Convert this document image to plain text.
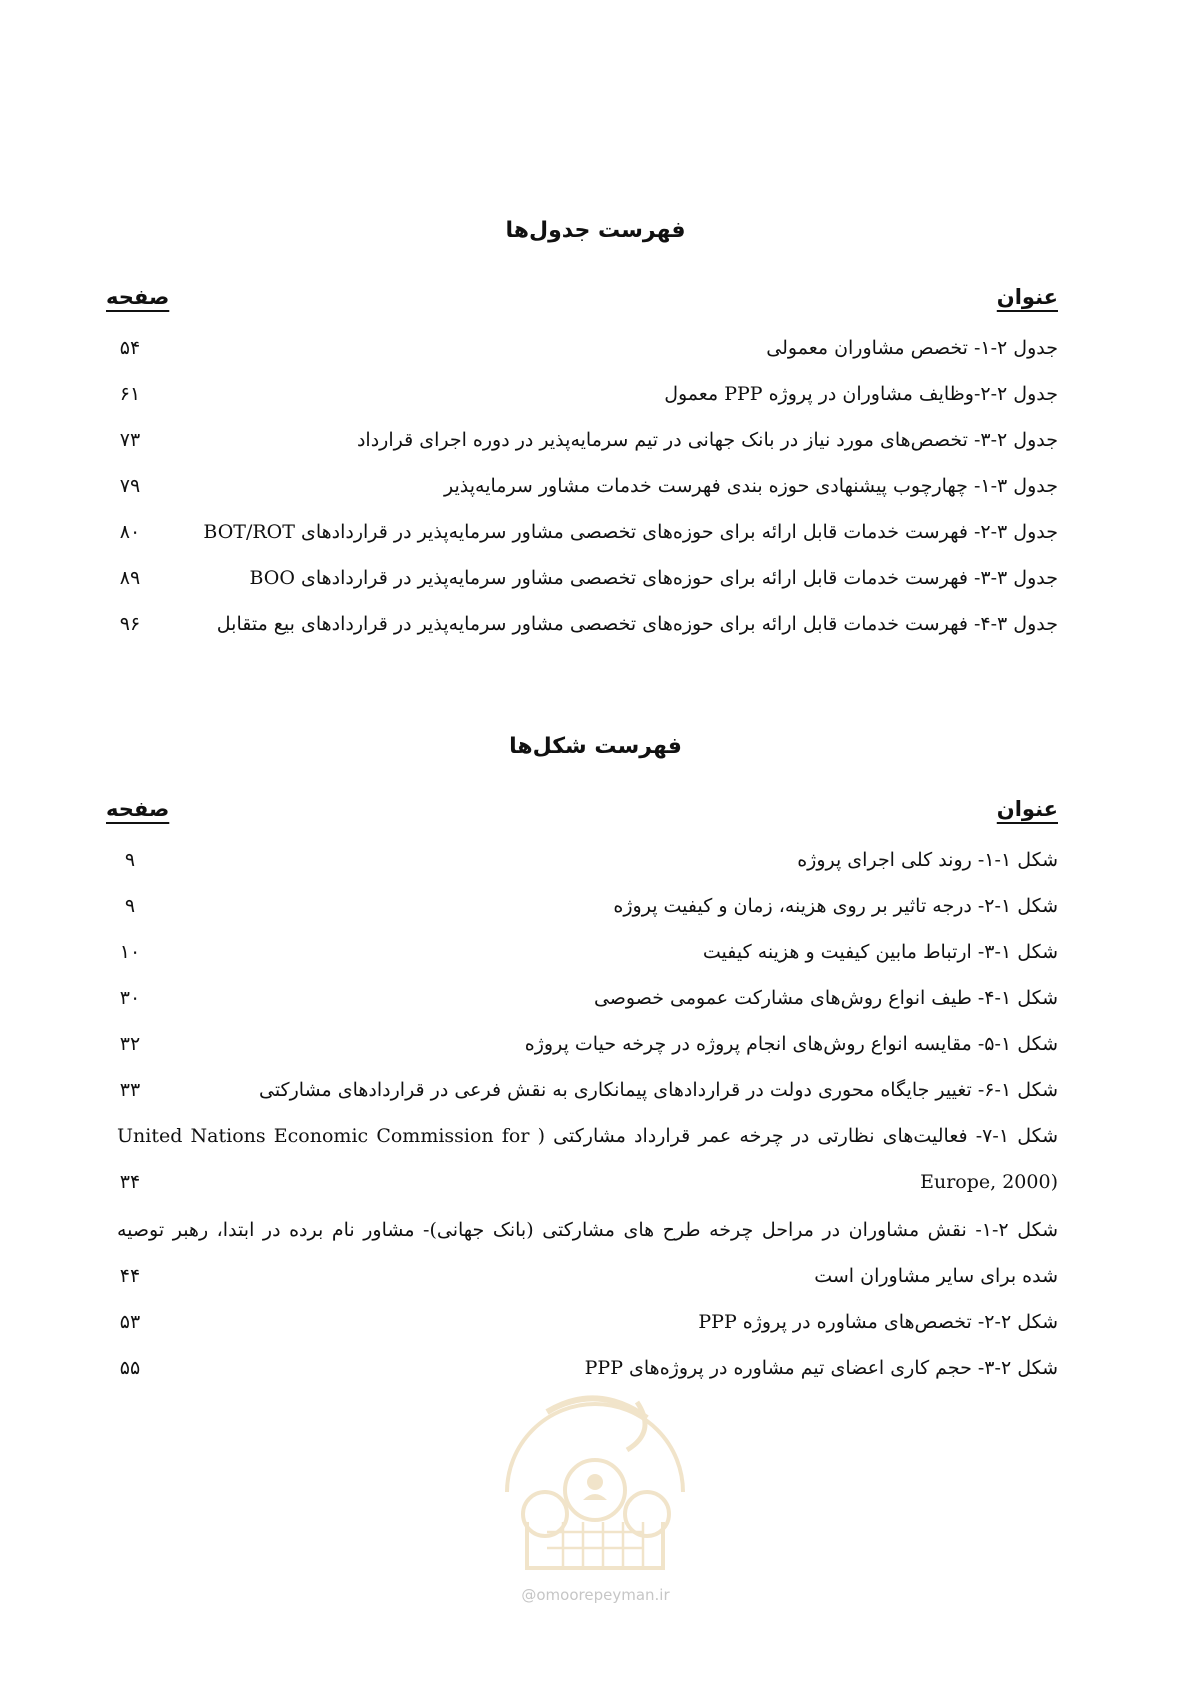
فهرست جدول‌ها
عنوان
صفحه
جدول ۲-۱- تخصص مشاوران معمولی
۵۴
جدول ۲-۲-وظایف مشاوران در پروژه PPP معمول
۶۱
جدول ۲-۳- تخصص‌های مورد نیاز در بانک جهانی در تیم سرمایه‌پذیر در دوره اجرای قرارداد
۷۳
جدول ۳-۱- چهارچوب پیشنهادی حوزه بندی فهرست خدمات مشاور سرمایه‌پذیر
۷۹
جدول ۳-۲- فهرست خدمات قابل ارائه برای حوزه‌های تخصصی مشاور سرمایه‌پذیر در قراردادهای BOT/ROT
۸۰
جدول ۳-۳- فهرست خدمات قابل ارائه برای حوزه‌های تخصصی مشاور سرمایه‌پذیر در قراردادهای BOO
۸۹
جدول ۳-۴- فهرست خدمات قابل ارائه برای حوزه‌های تخصصی مشاور سرمایه‌پذیر در قراردادهای بیع متقابل
۹۶
فهرست شکل‌ها
عنوان
صفحه
شکل ۱-۱- روند کلی اجرای پروژه
۹
شکل ۱-۲- درجه تاثیر بر روی هزینه، زمان و کیفیت پروژه
۹
شکل ۱-۳- ارتباط مابین کیفیت و هزینه کیفیت
۱۰
شکل ۱-۴- طیف انواع روش‌های مشارکت عمومی خصوصی
۳۰
شکل ۱-۵- مقایسه انواع روش‌های انجام پروژه در چرخه حیات پروژه
۳۲
شکل ۱-۶- تغییر جایگاه محوری دولت در قراردادهای پیمانکاری به نقش فرعی در قراردادهای مشارکتی
۳۳
شکل ۱-۷- فعالیت‌های نظارتی در چرخه عمر قرارداد مشارکتی ( United Nations Economic Commission for
(Europe, 2000
۳۴
شکل ۲-۱- نقش مشاوران در مراحل چرخه طرح های مشارکتی (بانک جهانی)- مشاور نام برده در ابتدا، رهبر توصیه
شده برای سایر مشاوران است
۴۴
شکل ۲-۲- تخصص‌های مشاوره در پروژه PPP
۵۳
شکل ۲-۳- حجم کاری اعضای تیم مشاوره در پروژه‌های PPP
۵۵
@omoorepeyman.ir
